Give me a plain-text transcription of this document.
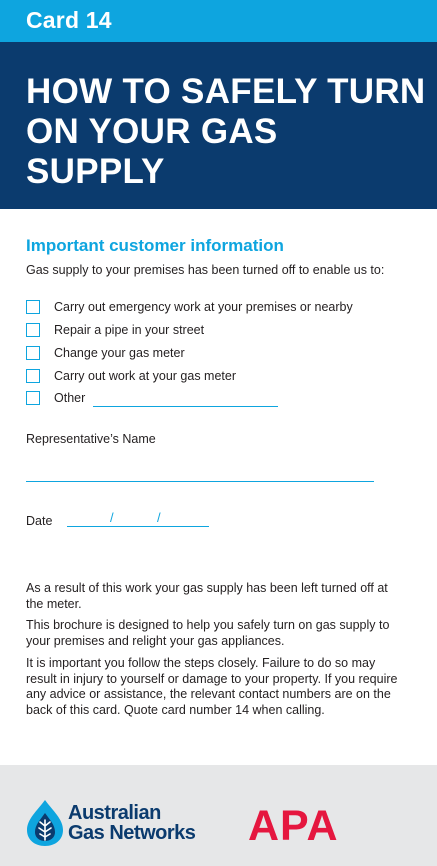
Card 14
HOW TO SAFELY TURN ON YOUR GAS SUPPLY
Important customer information
Gas supply to your premises has been turned off to enable us to:
Carry out emergency work at your premises or nearby
Repair a pipe in your street
Change your gas meter
Carry out work at your gas meter
Other
Representative’s Name
Date	/	/
As a result of this work your gas supply has been left turned off at the meter.
This brochure is designed to help you safely turn on gas supply to your premises and relight your gas appliances.
It is important you follow the steps closely. Failure to do so may result in injury to yourself or damage to your property. If you require any advice or assistance, the relevant contact numbers are on the back of this card. Quote card number 14 when calling.
Australian
Gas Networks APA
